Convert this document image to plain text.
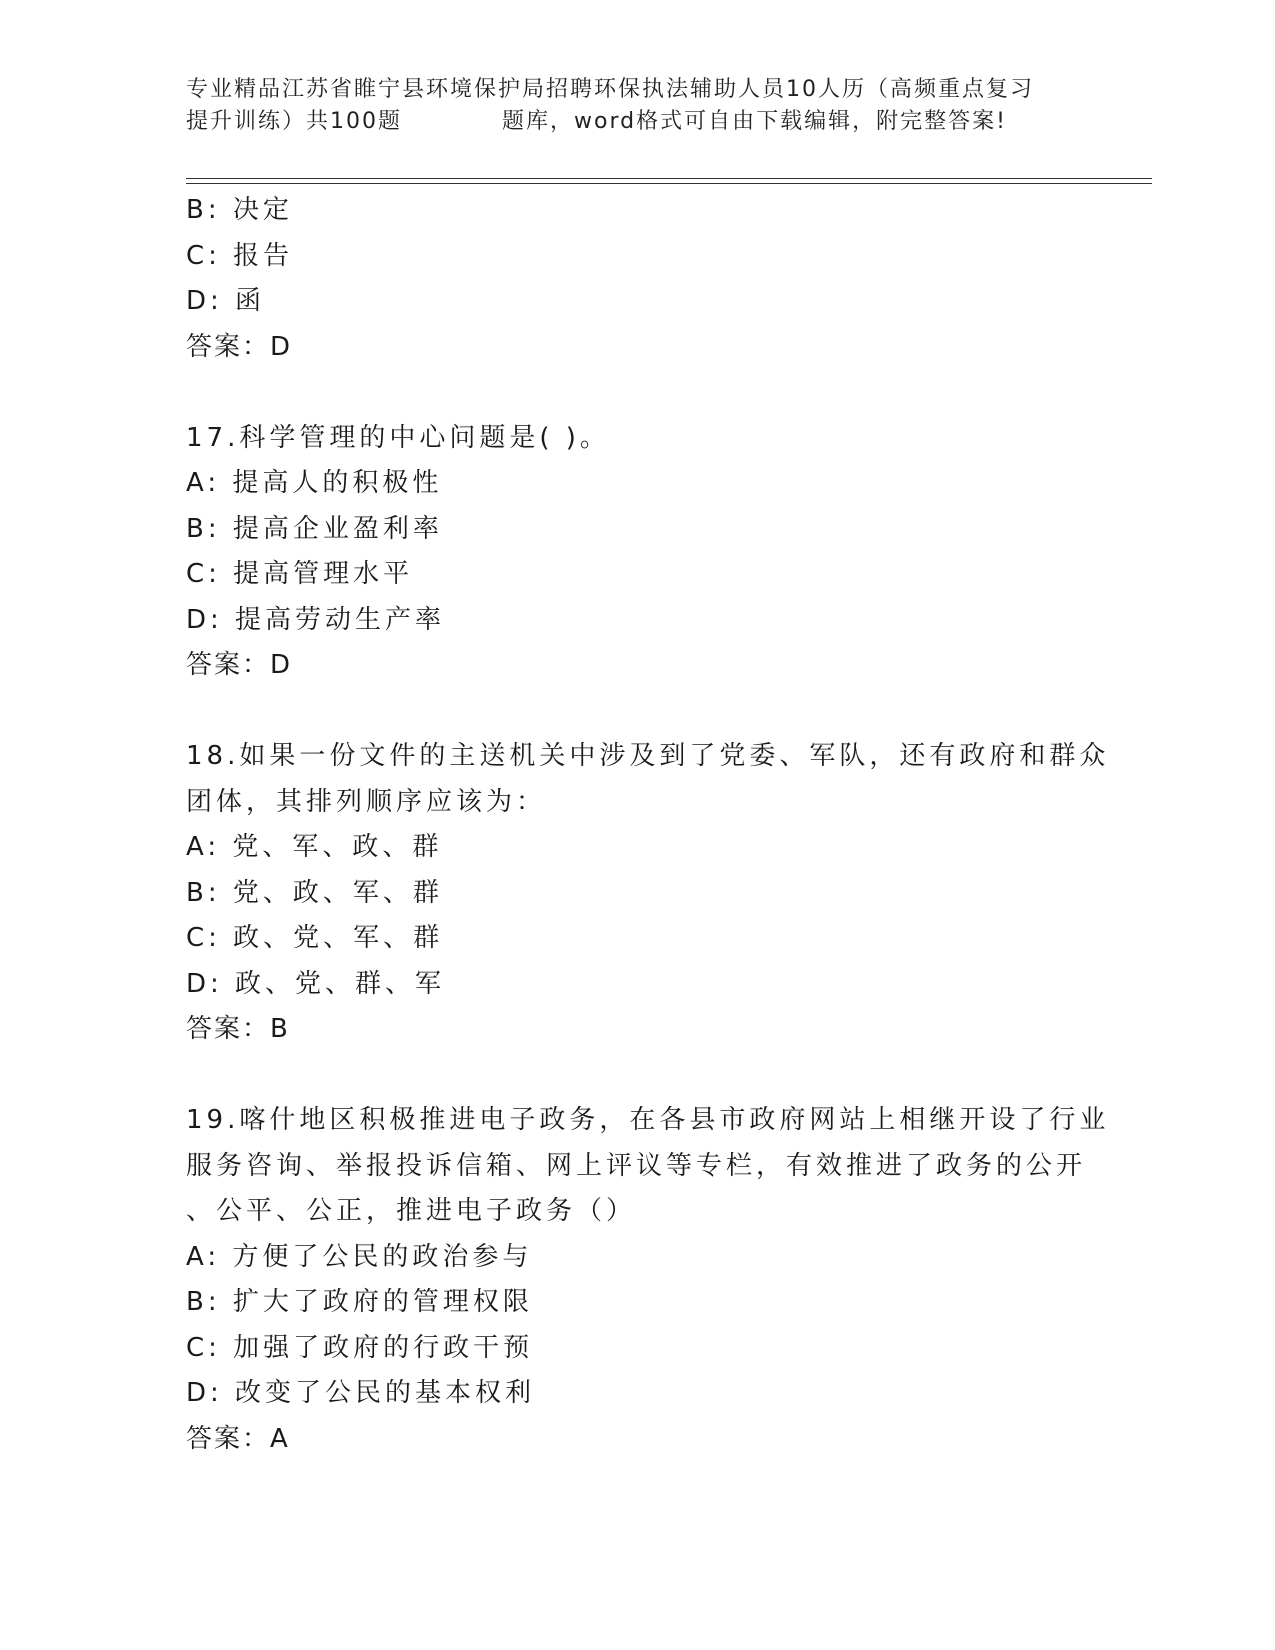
专业精品江苏省睢宁县环境保护局招聘环保执法辅助人员10人历（高频重点复习
提升训练）共100题	题库，word格式可自由下载编辑，附完整答案!
B: 决定
C: 报告
D: 函
答案：D
17.科学管理的中心问题是( )。
A: 提高人的积极性
B: 提高企业盈利率
C: 提高管理水平
D: 提高劳动生产率
答案：D
18.如果一份文件的主送机关中涉及到了党委、军队，还有政府和群众
团体，其排列顺序应该为：
A: 党、军、政、群
B: 党、政、军、群
C: 政、党、军、群
D: 政、党、群、军
答案：B
19.喀什地区积极推进电子政务，在各县市政府网站上相继开设了行业
服务咨询、举报投诉信箱、网上评议等专栏，有效推进了政务的公开
、公平、公正，推进电子政务（）
A: 方便了公民的政治参与
B: 扩大了政府的管理权限
C: 加强了政府的行政干预
D: 改变了公民的基本权利
答案：A
